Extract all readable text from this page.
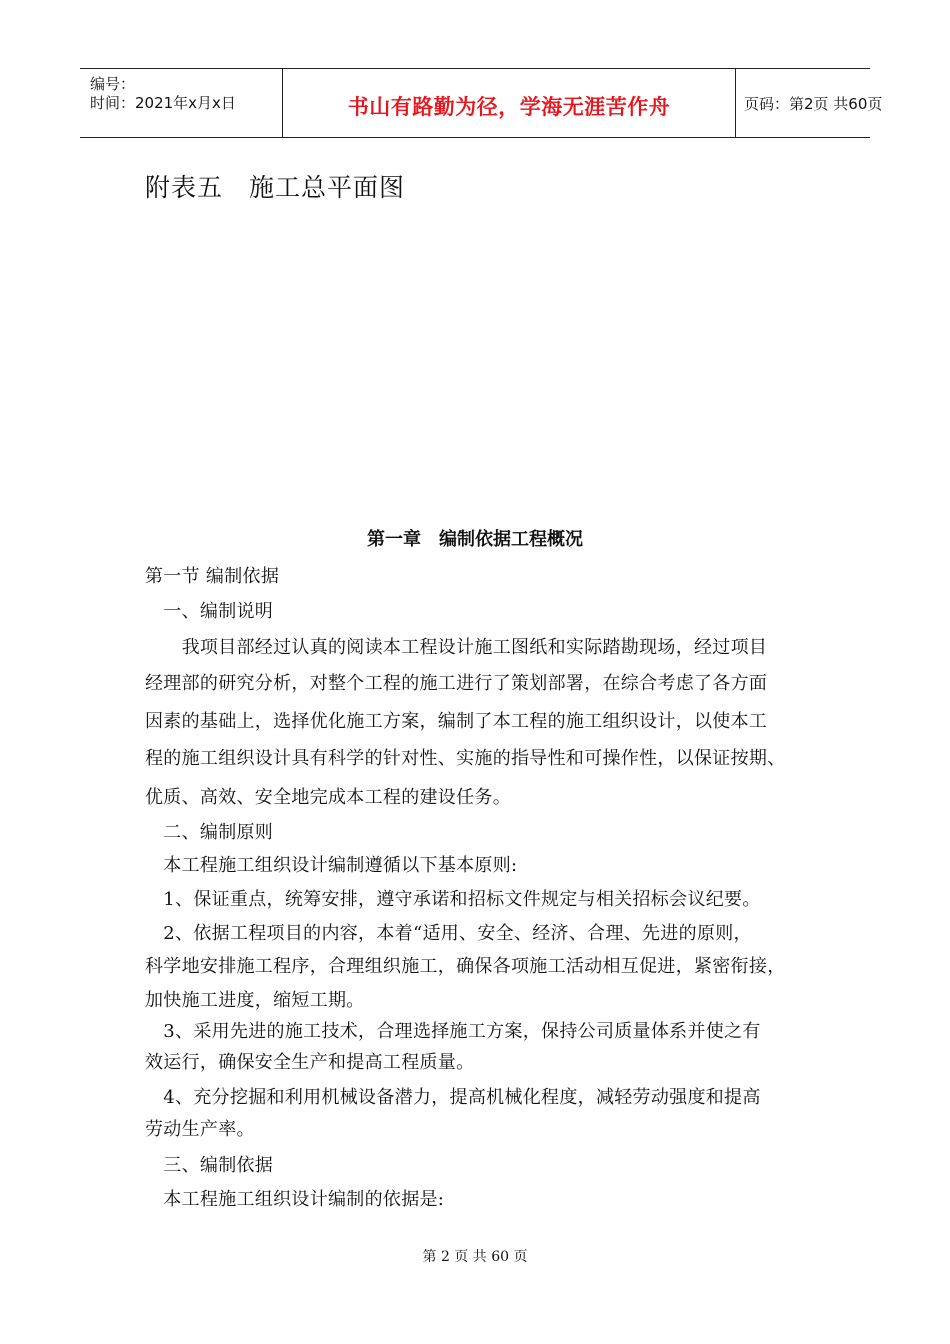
编号：
时间：2021年x月x日	书山有路勤为径，学海无涯苦作舟	页码：第2页 共60页
附表五　施工总平面图
第一章　编制依据工程概况
第一节 编制依据
　一、编制说明
　　我项目部经过认真的阅读本工程设计施工图纸和实际踏勘现场，经过项目
经理部的研究分析，对整个工程的施工进行了策划部署，在综合考虑了各方面
因素的基础上，选择优化施工方案，编制了本工程的施工组织设计，以使本工
程的施工组织设计具有科学的针对性、实施的指导性和可操作性，以保证按期、
优质、高效、安全地完成本工程的建设任务。
　二、编制原则
　本工程施工组织设计编制遵循以下基本原则:
　1、保证重点，统筹安排，遵守承诺和招标文件规定与相关招标会议纪要。
　2、依据工程项目的内容，本着“适用、安全、经济、合理、先进的原则，
科学地安排施工程序，合理组织施工，确保各项施工活动相互促进，紧密衔接，
加快施工进度，缩短工期。
　3、采用先进的施工技术，合理选择施工方案，保持公司质量体系并使之有
效运行，确保安全生产和提高工程质量。
　4、充分挖掘和利用机械设备潜力，提高机械化程度，减轻劳动强度和提高
劳动生产率。
　三、编制依据
　本工程施工组织设计编制的依据是:
第 2 页 共 60 页
